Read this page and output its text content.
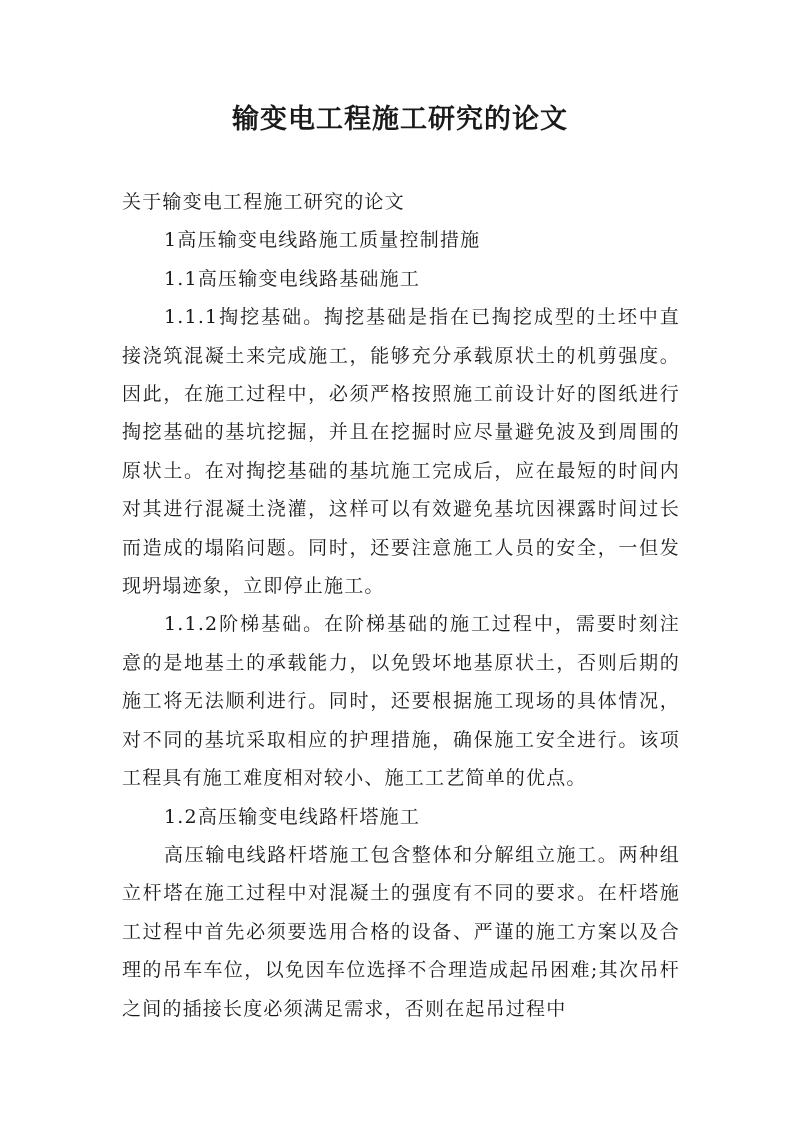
输变电工程施工研究的论文

关于输变电工程施工研究的论文

1高压输变电线路施工质量控制措施

1.1高压输变电线路基础施工

1.1.1掏挖基础。掏挖基础是指在已掏挖成型的土坯中直接浇筑混凝土来完成施工，能够充分承载原状土的机剪强度。因此，在施工过程中，必须严格按照施工前设计好的图纸进行掏挖基础的基坑挖掘，并且在挖掘时应尽量避免波及到周围的原状土。在对掏挖基础的基坑施工完成后，应在最短的时间内对其进行混凝土浇灌，这样可以有效避免基坑因裸露时间过长而造成的塌陷问题。同时，还要注意施工人员的安全，一但发现坍塌迹象，立即停止施工。

1.1.2阶梯基础。在阶梯基础的施工过程中，需要时刻注意的是地基土的承载能力，以免毁坏地基原状土，否则后期的施工将无法顺利进行。同时，还要根据施工现场的具体情况，对不同的基坑采取相应的护理措施，确保施工安全进行。该项工程具有施工难度相对较小、施工工艺简单的优点。

1.2高压输变电线路杆塔施工

高压输电线路杆塔施工包含整体和分解组立施工。两种组立杆塔在施工过程中对混凝土的强度有不同的要求。在杆塔施工过程中首先必须要选用合格的设备、严谨的施工方案以及合理的吊车车位，以免因车位选择不合理造成起吊困难;其次吊杆之间的插接长度必须满足需求，否则在起吊过程中
